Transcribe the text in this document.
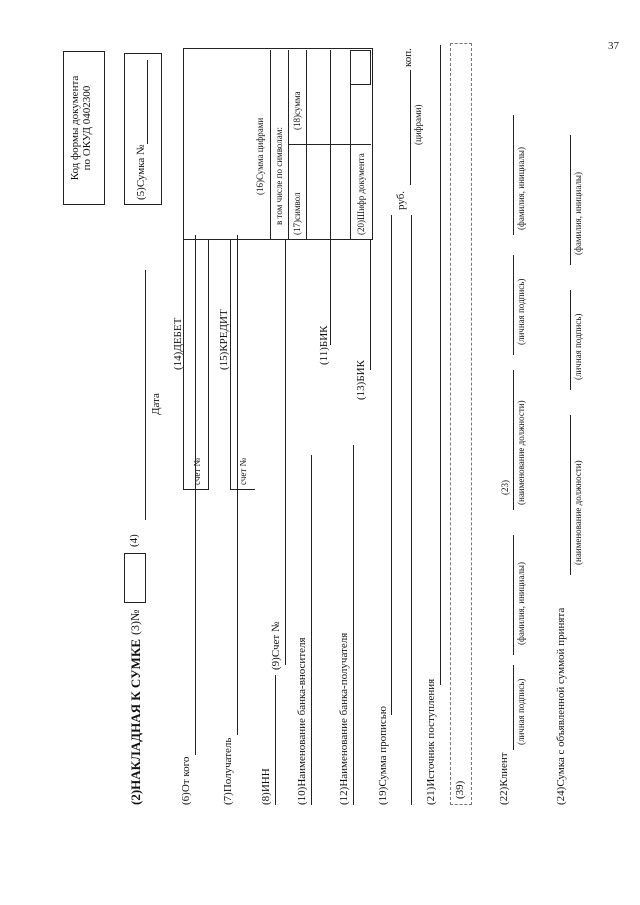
37
(2)НАКЛАДНАЯ К СУМКЕ
(3)№
(4)
Дата
Код формы документа по ОКУД 0402300
(5)Сумка №
(14)ДЕБЕТ
счет №
(15)КРЕДИТ
счет №
(16)Сумма цифрами в том числе по символам: (17)символ
(18)сумма
(20)Шифр документа
(6)От кого	(7)Получатель (8)ИНН
(9)Счет № (10)Наименование банка-вносителя
(11)БИК
(12)Наименование банка-получателя
(13)БИК
(19)Сумма прописью
руб.
коп.
(цифрами)
(21)Источник поступления (39)	(22)Клиент
(личная подпись)
(фамилия, инициалы)
(23) (наименование должности)
(личная подпись)
(фамилия, инициалы)
(24)Сумка с объявленной суммой принята
(наименование должности)
(личная подпись)
(фамилия, инициалы)
